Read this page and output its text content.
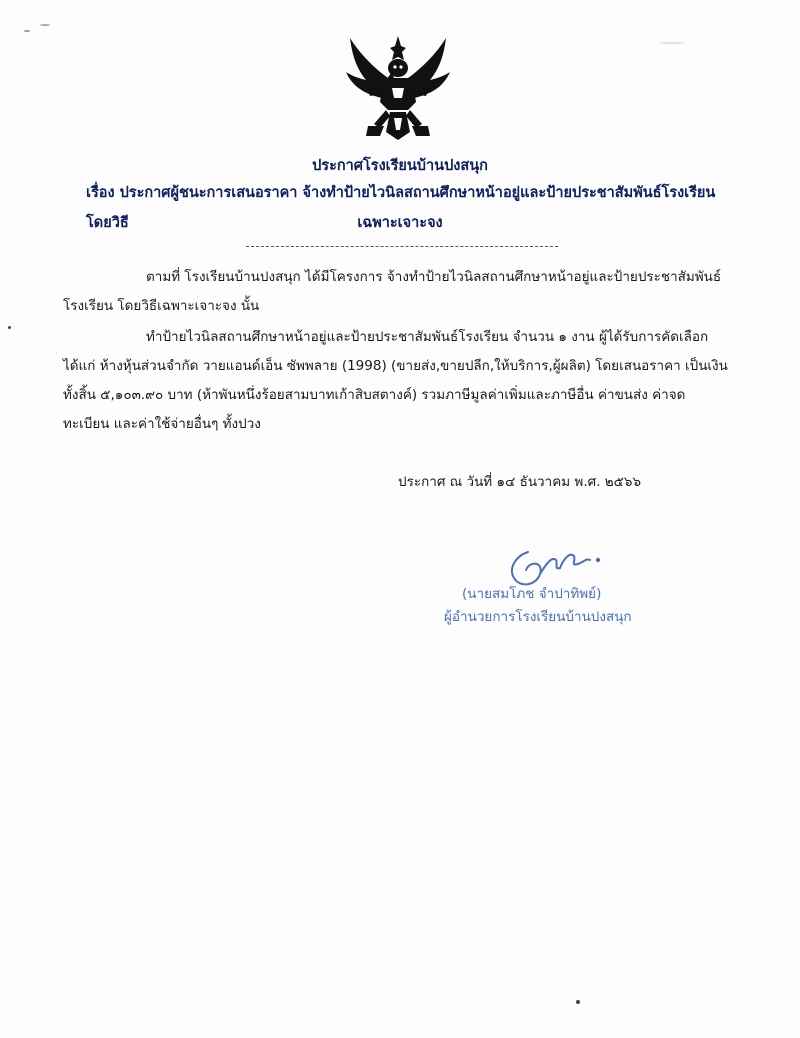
ประกาศโรงเรียนบ้านปงสนุก
เรื่อง ประกาศผู้ชนะการเสนอราคา จ้างทำป้ายไวนิลสถานศึกษาหน้าอยู่และป้ายประชาสัมพันธ์โรงเรียน โดยวิธี	เฉพาะเจาะจง
ตามที่ โรงเรียนบ้านปงสนุก ได้มีโครงการ จ้างทำป้ายไวนิลสถานศึกษาหน้าอยู่และป้ายประชาสัมพันธ์
โรงเรียน โดยวิธีเฉพาะเจาะจง นั้น
ทำป้ายไวนิลสถานศึกษาหน้าอยู่และป้ายประชาสัมพันธ์โรงเรียน จำนวน ๑ งาน ผู้ได้รับการคัดเลือก
ได้แก่ ห้างหุ้นส่วนจำกัด วายแอนด์เอ็น ซัพพลาย (1998) (ขายส่ง,ขายปลีก,ให้บริการ,ผู้ผลิต) โดยเสนอราคา เป็นเงิน
ทั้งสิ้น ๕,๑๐๓.๙๐ บาท (ห้าพันหนึ่งร้อยสามบาทเก้าสิบสตางค์) รวมภาษีมูลค่าเพิ่มและภาษีอื่น ค่าขนส่ง ค่าจด
ทะเบียน และค่าใช้จ่ายอื่นๆ ทั้งปวง
ประกาศ ณ วันที่ ๑๔ ธันวาคม พ.ศ. ๒๕๖๖
(นายสมโภช จำปาทิพย์)
ผู้อำนวยการโรงเรียนบ้านปงสนุก
